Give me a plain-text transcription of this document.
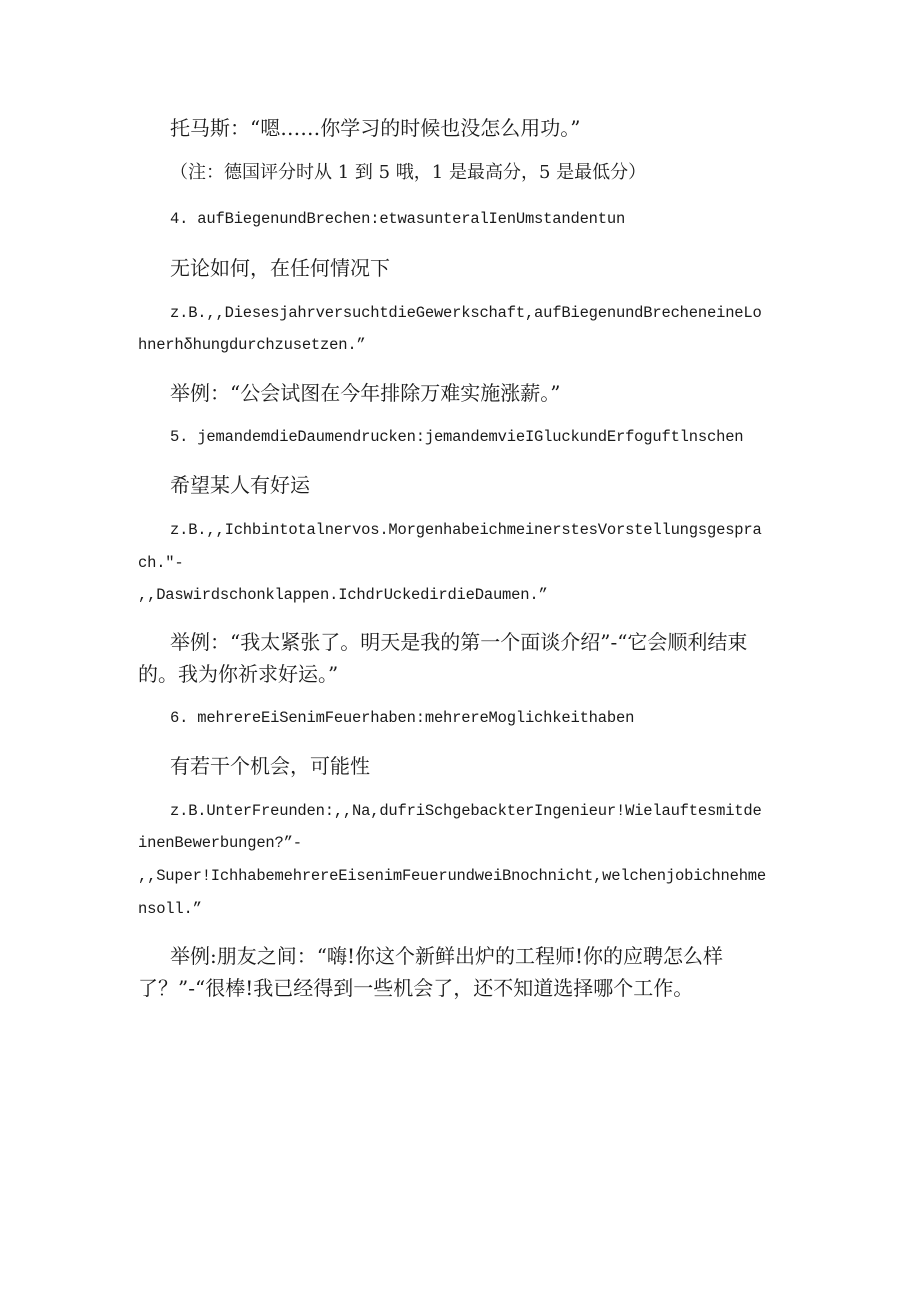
托马斯：“嗯……你学习的时候也没怎么用功。”
（注：德国评分时从 1 到 5 哦，1 是最高分，5 是最低分）
4. aufBiegenundBrechen:etwasunteralIenUmstandentun
无论如何，在任何情况下
z.B.,,DiesesjahrversuchtdieGewerkschaft,aufBiegenundBrecheneineLo
hnerhδhungdurchzusetzen.”
举例：“公会试图在今年排除万难实施涨薪。”
5. jemandemdieDaumendrucken:jemandemvieIGluckundErfoguftlnschen
希望某人有好运
z.B.,,Ichbintotalnervos.MorgenhabeichmeinerstesVorstellungsgespra
ch."-
,,Daswirdschonklappen.IchdrUckedirdieDaumen.”
举例：“我太紧张了。明天是我的第一个面谈介绍”-“它会顺利结束
的。我为你祈求好运。”
6. mehrereEiSenimFeuerhaben:mehrereMoglichkeithaben
有若干个机会，可能性
z.B.UnterFreunden:,,Na,dufriSchgebackterIngenieur!Wielauftesmitde
inenBewerbungen?”-
,,Super!IchhabemehrereEisenimFeuerundweiBnochnicht,welchenjobichnehme
nsoll.”
举例:朋友之间：“嗨!你这个新鲜出炉的工程师!你的应聘怎么样
了？”-“很棒!我已经得到一些机会了，还不知道选择哪个工作。
